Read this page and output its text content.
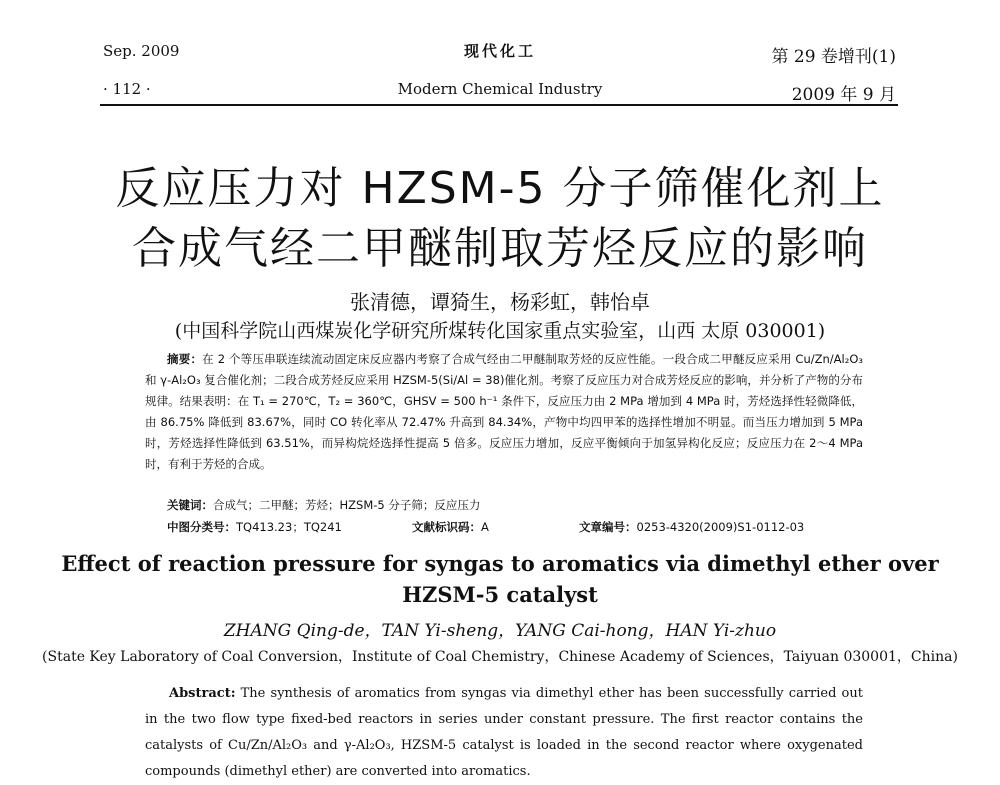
Sep. 2009
· 112 ·
现代化工
Modern Chemical Industry
第 29 卷增刊(1)
2009 年 9 月
反应压力对 HZSM-5 分子筛催化剂上
合成气经二甲醚制取芳烃反应的影响
张清德，谭猗生，杨彩虹，韩怡卓
(中国科学院山西煤炭化学研究所煤转化国家重点实验室，山西 太原 030001)

摘要：在 2 个等压串联连续流动固定床反应器内考察了合成气经由二甲醚制取芳烃的反应性能。一段合成二甲醚反应采用 Cu/Zn/Al₂O₃ 和 γ-Al₂O₃ 复合催化剂；二段合成芳烃反应采用 HZSM-5(Si/Al = 38)催化剂。考察了反应压力对合成芳烃反应的影响，并分析了产物的分布规律。结果表明：在 T₁ = 270℃，T₂ = 360℃，GHSV = 500 h⁻¹ 条件下，反应压力由 2 MPa 增加到 4 MPa 时，芳烃选择性轻微降低，由 86.75% 降低到 83.67%，同时 CO 转化率从 72.47% 升高到 84.34%，产物中均四甲苯的选择性增加不明显。而当压力增加到 5 MPa 时，芳烃选择性降低到 63.51%，而异构烷烃选择性提高 5 倍多。反应压力增加，反应平衡倾向于加氢异构化反应；反应压力在 2～4 MPa 时，有利于芳烃的合成。

关键词：合成气；二甲醚；芳烃；HZSM-5 分子筛；反应压力
中图分类号：TQ413.23；TQ241	文献标识码：A	文章编号：0253-4320(2009)S1-0112-03
Effect of reaction pressure for syngas to aromatics via dimethyl ether over
HZSM-5 catalyst
ZHANG Qing-de，TAN Yi-sheng，YANG Cai-hong，HAN Yi-zhuo
(State Key Laboratory of Coal Conversion，Institute of Coal Chemistry，Chinese Academy of Sciences，Taiyuan 030001，China)

Abstract: The synthesis of aromatics from syngas via dimethyl ether has been successfully carried out in the two flow type fixed-bed reactors in series under constant pressure. The first reactor contains the catalysts of Cu/Zn/Al₂O₃ and γ-Al₂O₃, HZSM-5 catalyst is loaded in the second reactor where oxygenated compounds (dimethyl ether) are converted into aromatics.
